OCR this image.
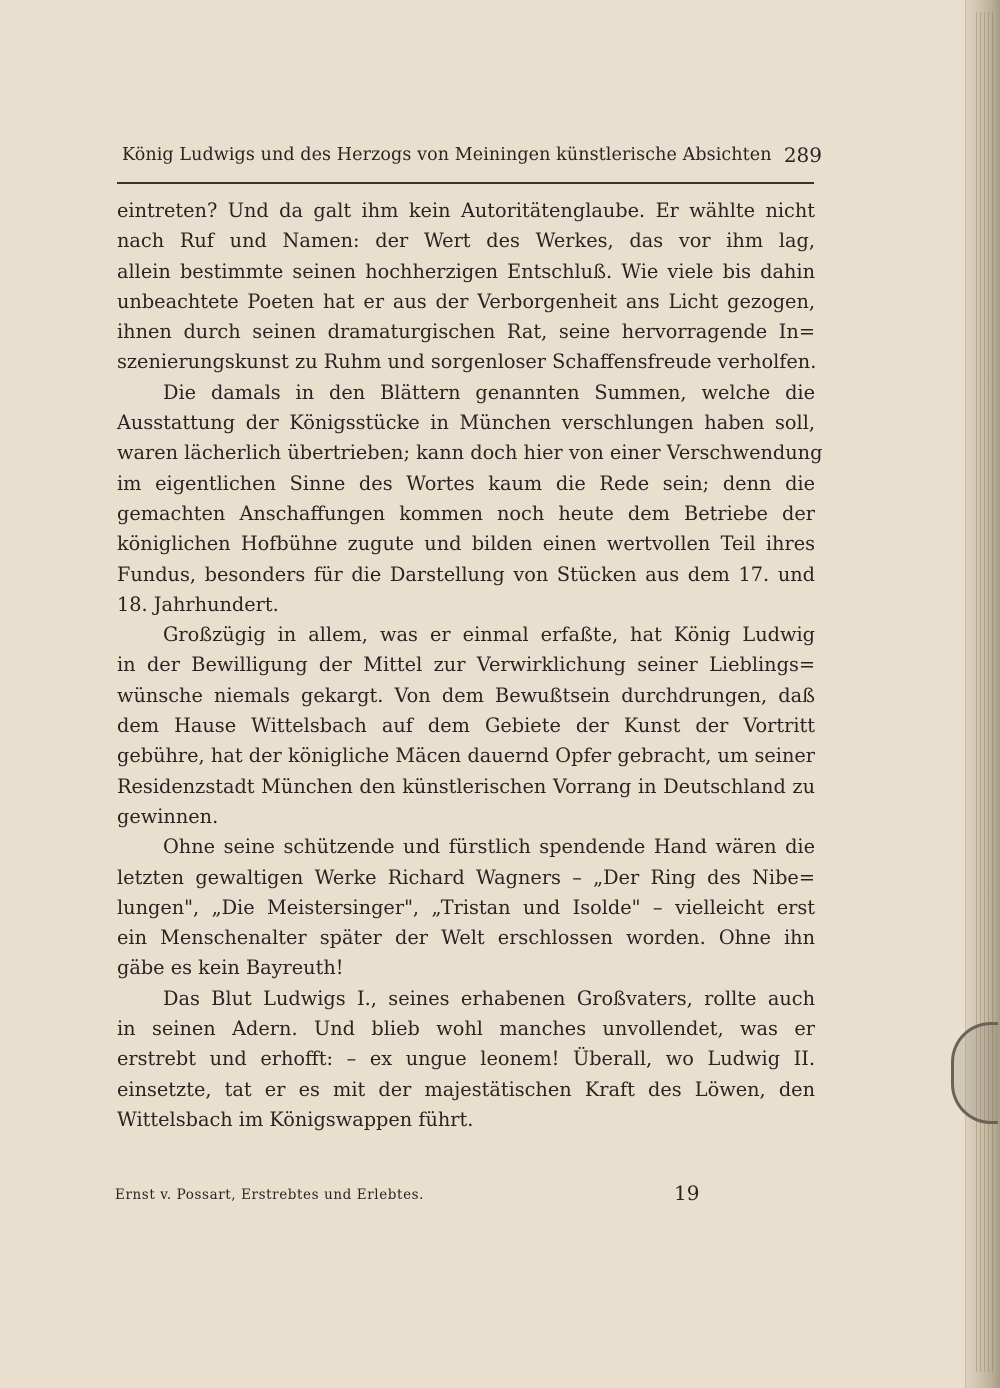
König Ludwigs und des Herzogs von Meiningen künstlerische Absichten 289
eintreten? Und da galt ihm kein Autoritätenglaube. Er wählte nicht
nach Ruf und Namen: der Wert des Werkes, das vor ihm lag,
allein bestimmte seinen hochherzigen Entschluß. Wie viele bis dahin
unbeachtete Poeten hat er aus der Verborgenheit ans Licht gezogen,
ihnen durch seinen dramaturgischen Rat, seine hervorragende In=
szenierungskunst zu Ruhm und sorgenloser Schaffensfreude verholfen.
Die damals in den Blättern genannten Summen, welche die
Ausstattung der Königsstücke in München verschlungen haben soll,
waren lächerlich übertrieben; kann doch hier von einer Verschwendung
im eigentlichen Sinne des Wortes kaum die Rede sein; denn die
gemachten Anschaffungen kommen noch heute dem Betriebe der
königlichen Hofbühne zugute und bilden einen wertvollen Teil ihres
Fundus, besonders für die Darstellung von Stücken aus dem 17. und
18. Jahrhundert.
Großzügig in allem, was er einmal erfaßte, hat König Ludwig
in der Bewilligung der Mittel zur Verwirklichung seiner Lieblings=
wünsche niemals gekargt. Von dem Bewußtsein durchdrungen, daß
dem Hause Wittelsbach auf dem Gebiete der Kunst der Vortritt
gebühre, hat der königliche Mäcen dauernd Opfer gebracht, um seiner
Residenzstadt München den künstlerischen Vorrang in Deutschland zu
gewinnen.
Ohne seine schützende und fürstlich spendende Hand wären die
letzten gewaltigen Werke Richard Wagners – „Der Ring des Nibe=
lungen", „Die Meistersinger", „Tristan und Isolde" – vielleicht erst
ein Menschenalter später der Welt erschlossen worden. Ohne ihn
gäbe es kein Bayreuth!
Das Blut Ludwigs I., seines erhabenen Großvaters, rollte auch
in seinen Adern. Und blieb wohl manches unvollendet, was er
erstrebt und erhofft: – ex ungue leonem! Überall, wo Ludwig II.
einsetzte, tat er es mit der majestätischen Kraft des Löwen, den
Wittelsbach im Königswappen führt.
Ernst v. Possart, Erstrebtes und Erlebtes.	19
